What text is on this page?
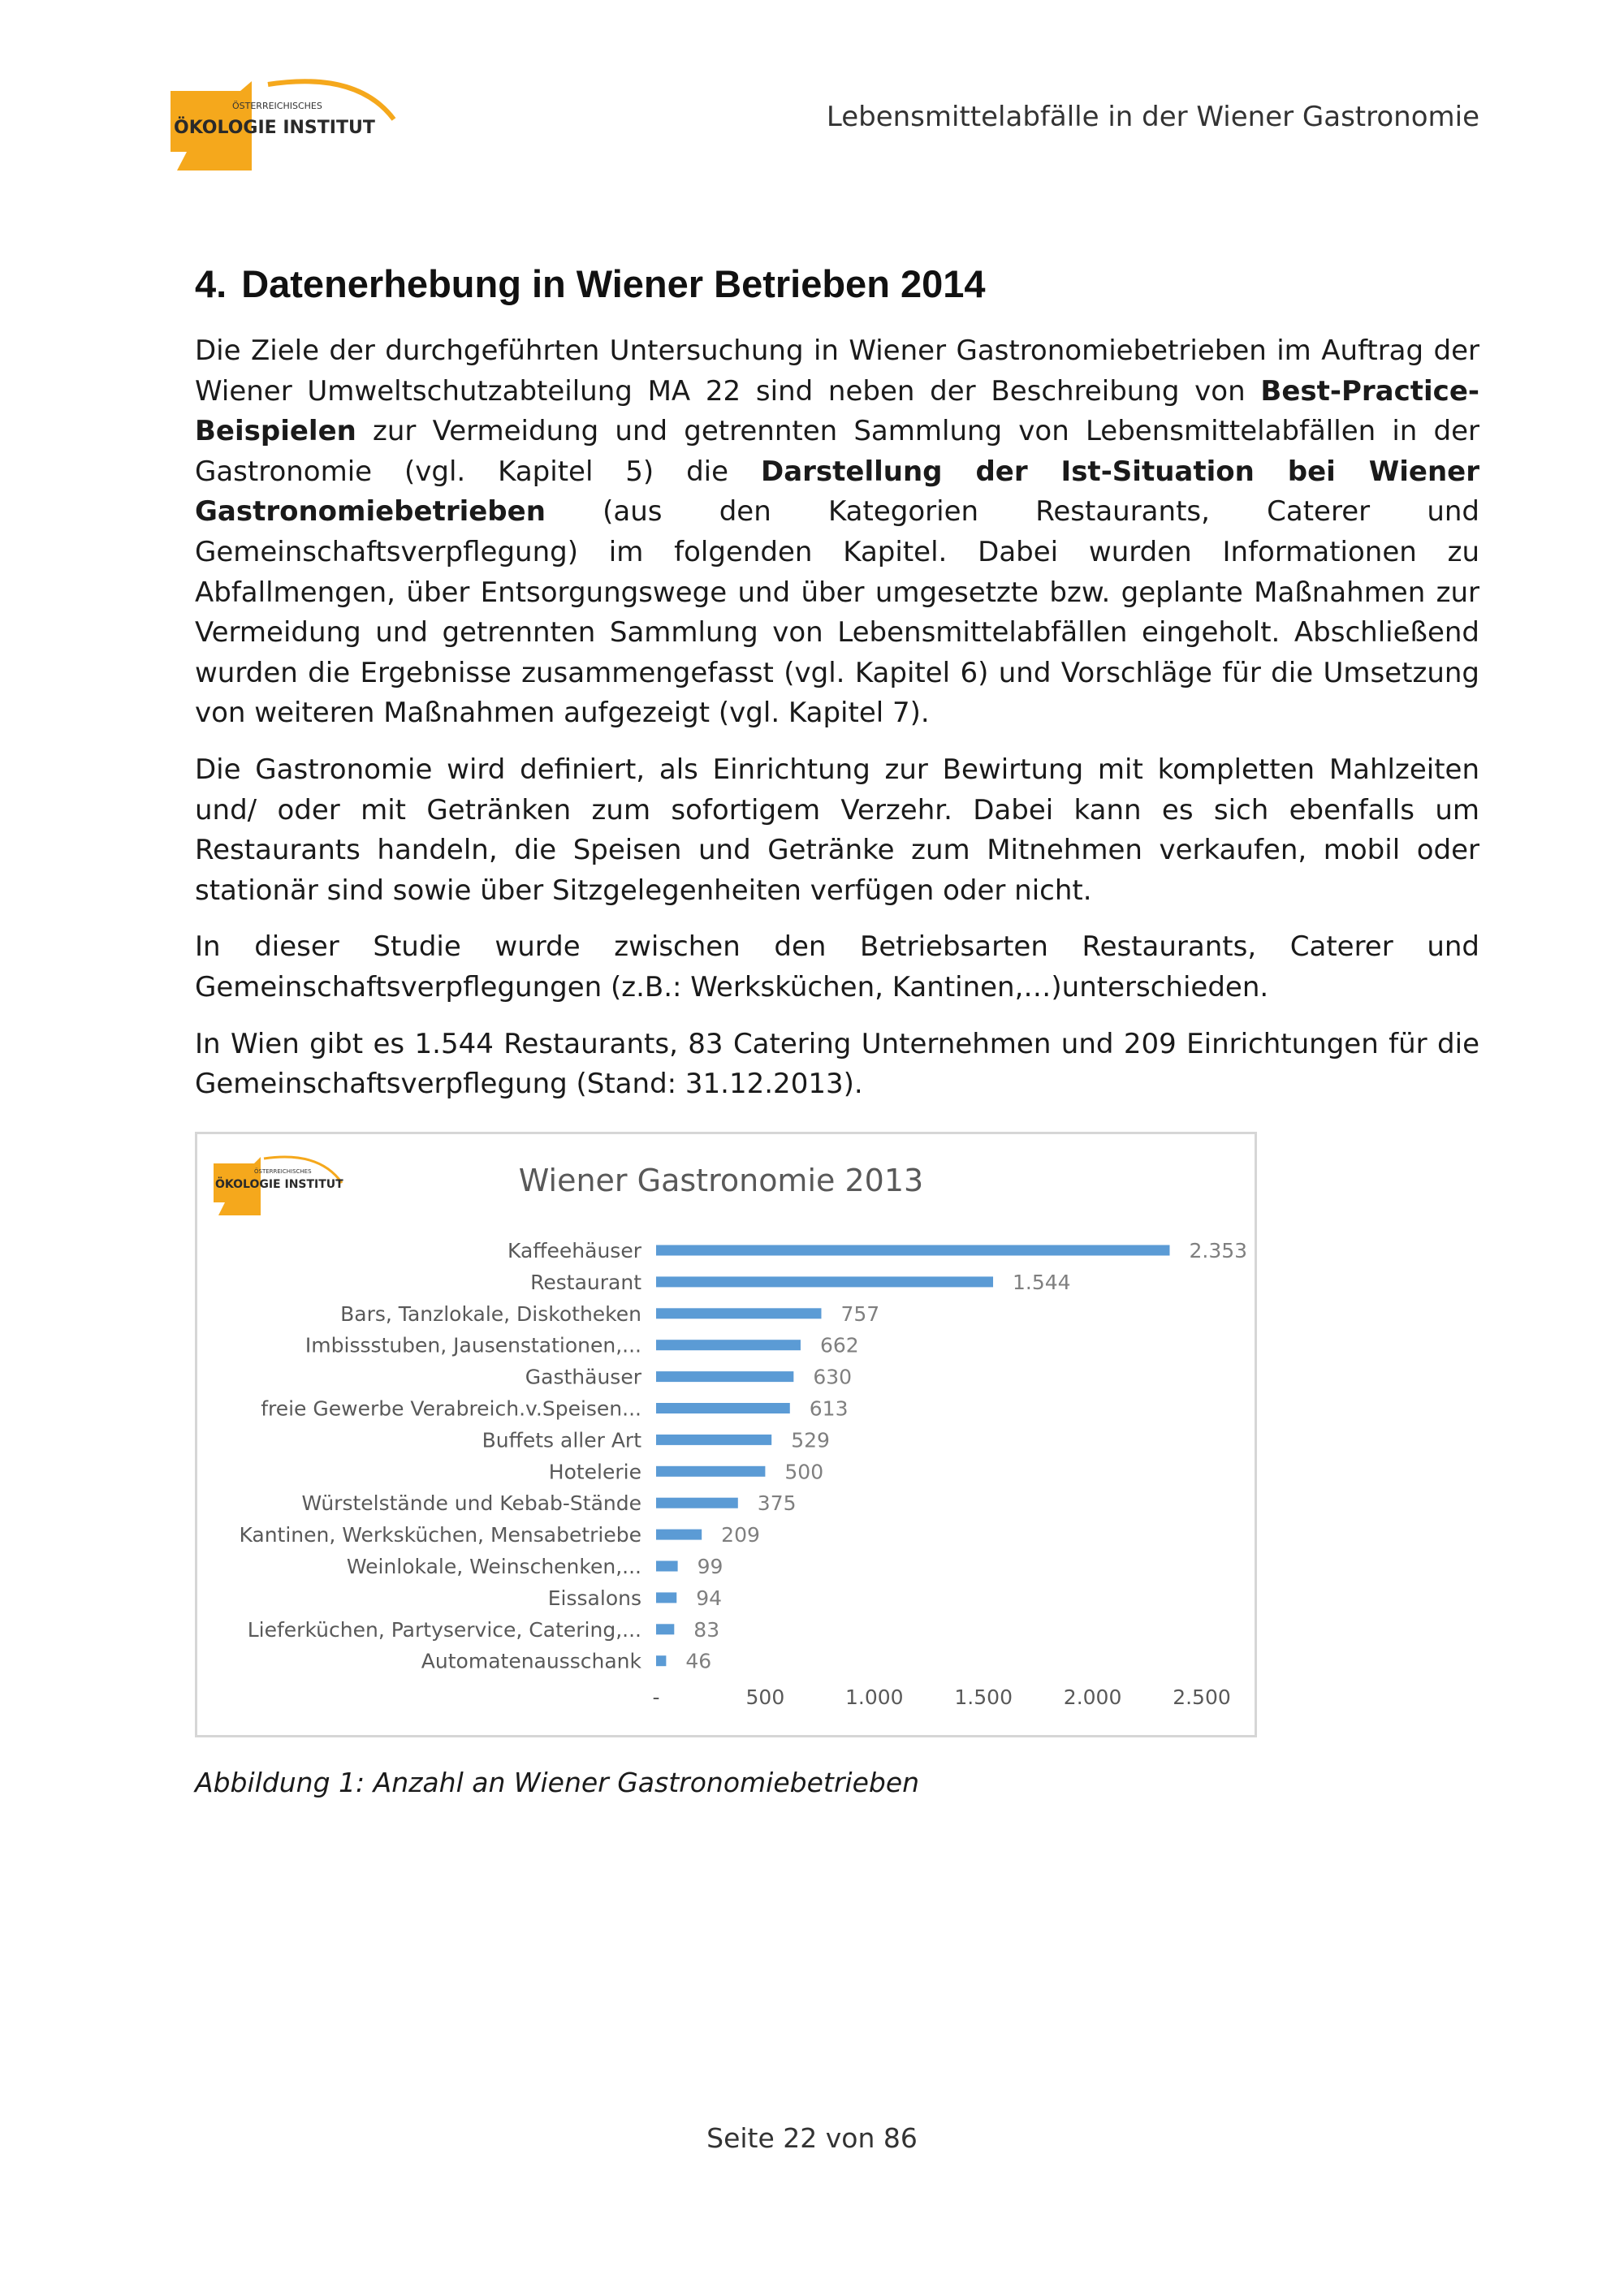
ÖSTERREICHISCHES
ÖKOLOGIE INSTITUT	Lebensmittelabfälle in der Wiener Gastronomie
4. Datenerhebung in Wiener Betrieben 2014

Die Ziele der durchgeführten Untersuchung in Wiener Gastronomiebetrieben im Auftrag der Wiener Umweltschutzabteilung MA 22 sind neben der Beschreibung von Best-Practice-Beispielen zur Vermeidung und getrennten Sammlung von Lebensmittelabfällen in der Gastronomie (vgl. Kapitel 5) die Darstellung der Ist-Situation bei Wiener Gastronomiebetrieben (aus den Kategorien Restaurants, Caterer und Gemeinschaftsverpflegung) im folgenden Kapitel. Dabei wurden Informationen zu Abfallmengen, über Entsorgungswege und über umgesetzte bzw. geplante Maßnahmen zur Vermeidung und getrennten Sammlung von Lebensmittelabfällen eingeholt. Abschließend wurden die Ergebnisse zusammengefasst (vgl. Kapitel 6) und Vorschläge für die Umsetzung von weiteren Maßnahmen aufgezeigt (vgl. Kapitel 7).

Die Gastronomie wird definiert, als Einrichtung zur Bewirtung mit kompletten Mahlzeiten und/ oder mit Getränken zum sofortigem Verzehr. Dabei kann es sich ebenfalls um Restaurants handeln, die Speisen und Getränke zum Mitnehmen verkaufen, mobil oder stationär sind sowie über Sitzgelegenheiten verfügen oder nicht.

In dieser Studie wurde zwischen den Betriebsarten Restaurants, Caterer und Gemeinschaftsverpflegungen (z.B.: Werksküchen, Kantinen,…)unterschieden.

In Wien gibt es 1.544 Restaurants, 83 Catering Unternehmen und 209 Einrichtungen für die Gemeinschaftsverpflegung (Stand: 31.12.2013).

ÖSTERREICHISCHES
ÖKOLOGIE INSTITUT	Wiener Gastronomie 2013
Kaffeehäuser	2.353
Restaurant	1.544
Bars, Tanzlokale, Diskotheken	757
Imbissstuben, Jausenstationen,...	662
Gasthäuser	630
freie Gewerbe Verabreich.v.Speisen...	613
Buffets aller Art	529
Hotelerie	500
Würstelstände und Kebab-Stände	375
Kantinen, Werksküchen, Mensabetriebe	209
Weinlokale, Weinschenken,...	99
Eissalons	94
Lieferküchen, Partyservice, Catering,...	83
Automatenausschank 46
-	500	1.000	1.500	2.000	2.500
Abbildung 1: Anzahl an Wiener Gastronomiebetrieben
Seite 22 von 86
